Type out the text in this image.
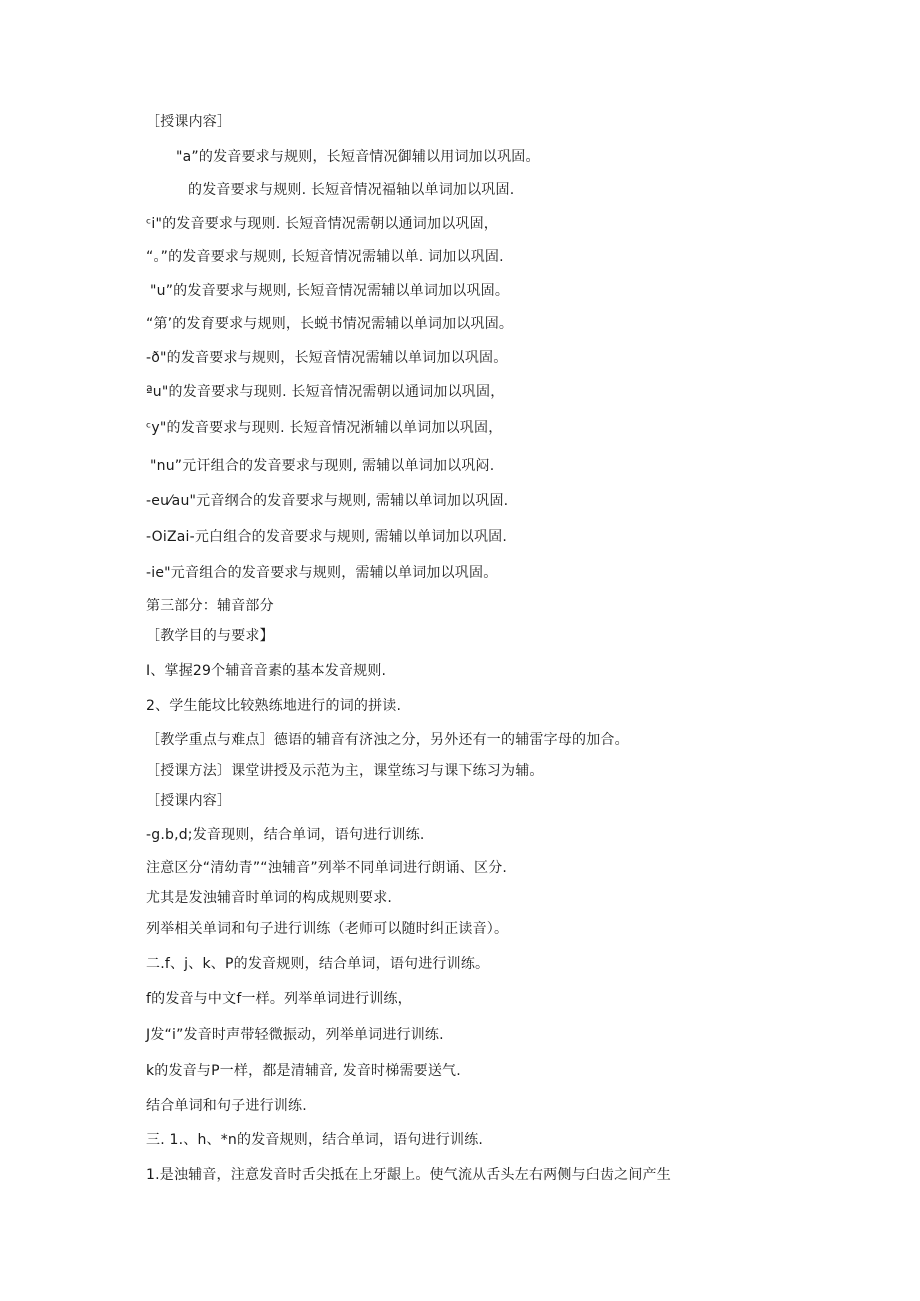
［授课内容］
"a”的发音要求与规则，长短音情况御辅以用词加以巩固。
的发音要求与规则. 长短音情况福轴以单词加以巩固.
ᶜi"的发音要求与现则. 长短音情况需朝以通词加以巩固，
“。”的发音要求与规则, 长短音情况需辅以单. 词加以巩固.
"u”的发音要求与规则, 长短音情况需辅以单词加以巩固。
“第’的发育要求与规则，长蜕书情况需辅以单词加以巩固。
-ð"的发音要求与规则，长短音情况需辅以单词加以巩固。
ªu"的发音要求与现则. 长短音情况需朝以通词加以巩固，
ᶜy"的发音要求与现则. 长短音情况淅辅以单词加以巩固，
"nu”元讦组合的发音要求与现则, 需辅以单词加以巩闷.
-eu⁄au"元音纲合的发音要求与规则, 需辅以单词加以巩固.
-OiZai-元白组合的发音要求与规则, 需辅以单词加以巩固.
-ie"元音组合的发音要求与规则，需辅以单词加以巩固。
第三部分：辅音部分
［教学目的与要求】
I、掌握29个辅音音素的基本发音规则.
2、学生能坟比较熟练地进行的词的拼读.
［教学重点与难点］德语的辅音有济浊之分，另外还有一的辅雷字母的加合。
［授课方法〕课堂讲授及示范为主，课堂练习与课下练习为辅。
［授课内容］
-g.b,d;发音现则，结合单词，语句进行训练.
注意区分“清幼青”“浊辅音”列举不同单词进行朗诵、区分.
尤其是发浊辅音时单词的构成规则要求.
列举相关单词和句子进行训练（老师可以随时纠正读音）。
二.f、j、k、P的发音规则，结合单词，语句进行训练。
f的发音与中文f一样。列举单词进行训练，
J发“i”发音时声带轻微振动，列举单词进行训练.
k的发音与P一样，都是清辅音, 发音时梯需要送气.
结合单词和句子进行训练.
三. 1.、h、*n的发音规则，结合单词，语句进行训练.
1.是浊辅音，注意发音时舌尖抵在上牙龈上。使气流从舌头左右两侧与臼齿之间产生
